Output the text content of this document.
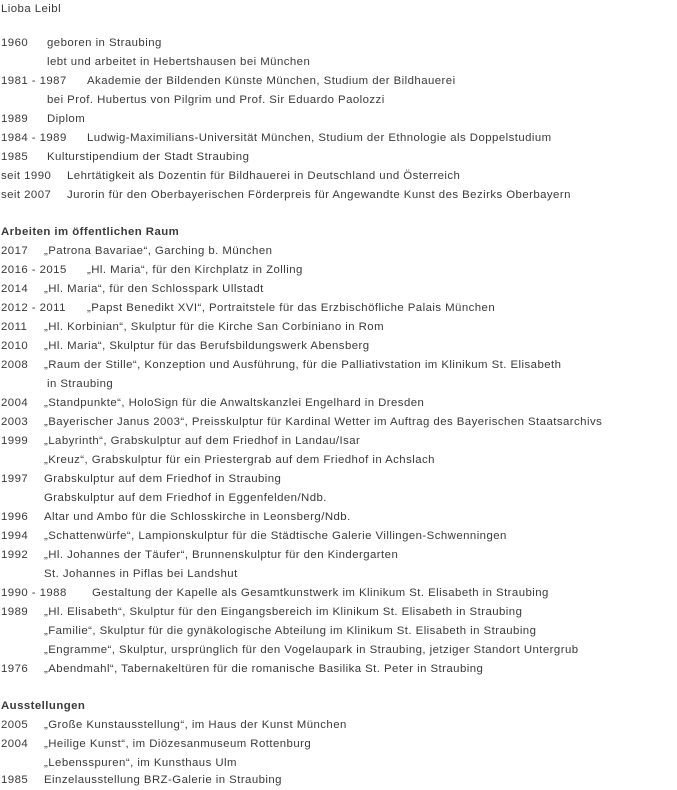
Lioba Leibl
1960 geboren in Straubing
lebt und arbeitet in Hebertshausen bei München
1981 - 1987 Akademie der Bildenden Künste München, Studium der Bildhauerei
bei Prof. Hubertus von Pilgrim und Prof. Sir Eduardo Paolozzi
1989 Diplom
1984 - 1989 Ludwig-Maximilians-Universität München, Studium der Ethnologie als Doppelstudium
1985 Kulturstipendium der Stadt Straubing
seit 1990 Lehrtätigkeit als Dozentin für Bildhauerei in Deutschland und Österreich
seit 2007 Jurorin für den Oberbayerischen Förderpreis für Angewandte Kunst des Bezirks Oberbayern
Arbeiten im öffentlichen Raum
2017 „Patrona Bavariae“, Garching b. München
2016 - 2015 „Hl. Maria“, für den Kirchplatz in Zolling
2014 „Hl. Maria“, für den Schlosspark Ullstadt
2012 - 2011 „Papst Benedikt XVI“, Portraitstele für das Erzbischöfliche Palais München
2011 „Hl. Korbinian“, Skulptur für die Kirche San Corbiniano in Rom
2010 „Hl. Maria“, Skulptur für das Berufsbildungswerk Abensberg
2008 „Raum der Stille“, Konzeption und Ausführung, für die Palliativstation im Klinikum St. Elisabeth
in Straubing
2004 „Standpunkte“, HoloSign für die Anwaltskanzlei Engelhard in Dresden
2003 „Bayerischer Janus 2003“, Preisskulptur für Kardinal Wetter im Auftrag des Bayerischen Staatsarchivs
1999 „Labyrinth“, Grabskulptur auf dem Friedhof in Landau/Isar
„Kreuz“, Grabskulptur für ein Priestergrab auf dem Friedhof in Achslach
1997 Grabskulptur auf dem Friedhof in Straubing
Grabskulptur auf dem Friedhof in Eggenfelden/Ndb.
1996 Altar und Ambo für die Schlosskirche in Leonsberg/Ndb.
1994 „Schattenwürfe“, Lampionskulptur für die Städtische Galerie Villingen-Schwenningen
1992 „Hl. Johannes der Täufer“, Brunnenskulptur für den Kindergarten
St. Johannes in Piflas bei Landshut
1990 - 1988 Gestaltung der Kapelle als Gesamtkunstwerk im Klinikum St. Elisabeth in Straubing
1989 „Hl. Elisabeth“, Skulptur für den Eingangsbereich im Klinikum St. Elisabeth in Straubing
„Familie“, Skulptur für die gynäkologische Abteilung im Klinikum St. Elisabeth in Straubing
„Engramme“, Skulptur, ursprünglich für den Vogelaupark in Straubing, jetziger Standort Untergrub
1976 „Abendmahl“, Tabernakeltüren für die romanische Basilika St. Peter in Straubing
Ausstellungen
2005 „Große Kunstausstellung“, im Haus der Kunst München
2004 „Heilige Kunst“, im Diözesanmuseum Rottenburg
„Lebensspuren“, im Kunsthaus Ulm
1985 Einzelausstellung BRZ-Galerie in Straubing
